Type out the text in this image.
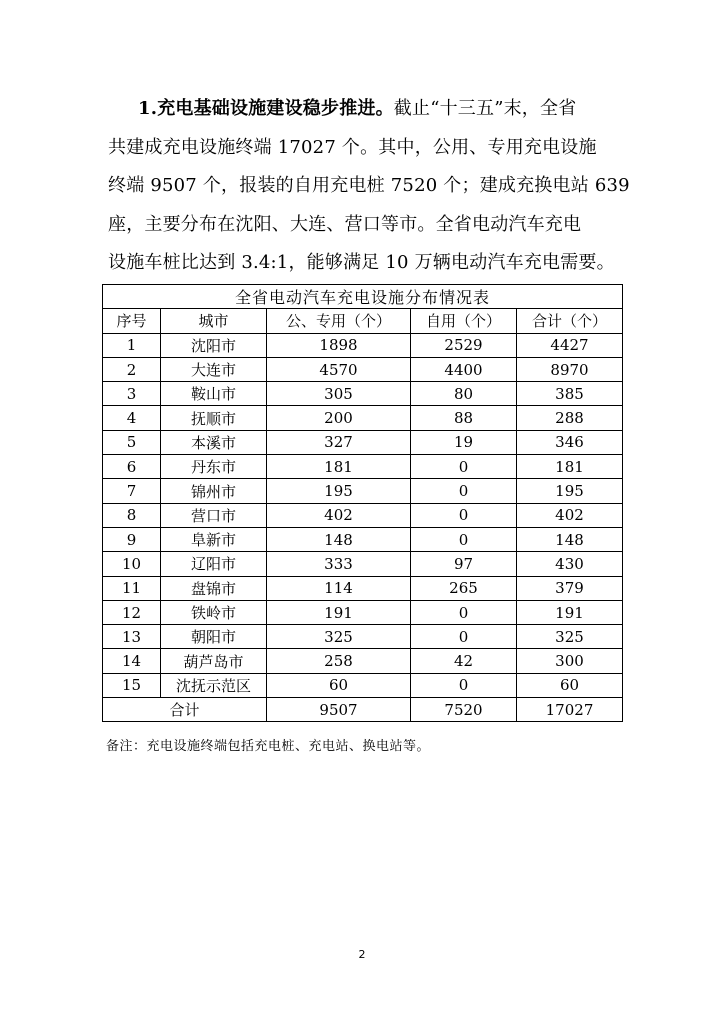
1.充电基础设施建设稳步推进。截止“十三五”末，全省
共建成充电设施终端 17027 个。其中，公用、专用充电设施
终端 9507 个，报装的自用充电桩 7520 个；建成充换电站 639
座，主要分布在沈阳、大连、营口等市。全省电动汽车充电
设施车桩比达到 3.4:1，能够满足 10 万辆电动汽车充电需要。
全省电动汽车充电设施分布情况表				
序号	城市	公、专用（个）	自用（个）	合计（个）
1	沈阳市	1898	2529	4427
2	大连市	4570	4400	8970
3	鞍山市	305	80	385
4	抚顺市	200	88	288
5	本溪市	327	19	346
6	丹东市	181	0	181
7	锦州市	195	0	195
8	营口市	402	0	402
9	阜新市	148	0	148
10	辽阳市	333	97	430
11	盘锦市	114	265	379
12	铁岭市	191	0	191
13	朝阳市	325	0	325
14	葫芦岛市	258	42	300
15	沈抚示范区	60	0	60
合计		9507	7520	17027
备注：充电设施终端包括充电桩、充电站、换电站等。
2
